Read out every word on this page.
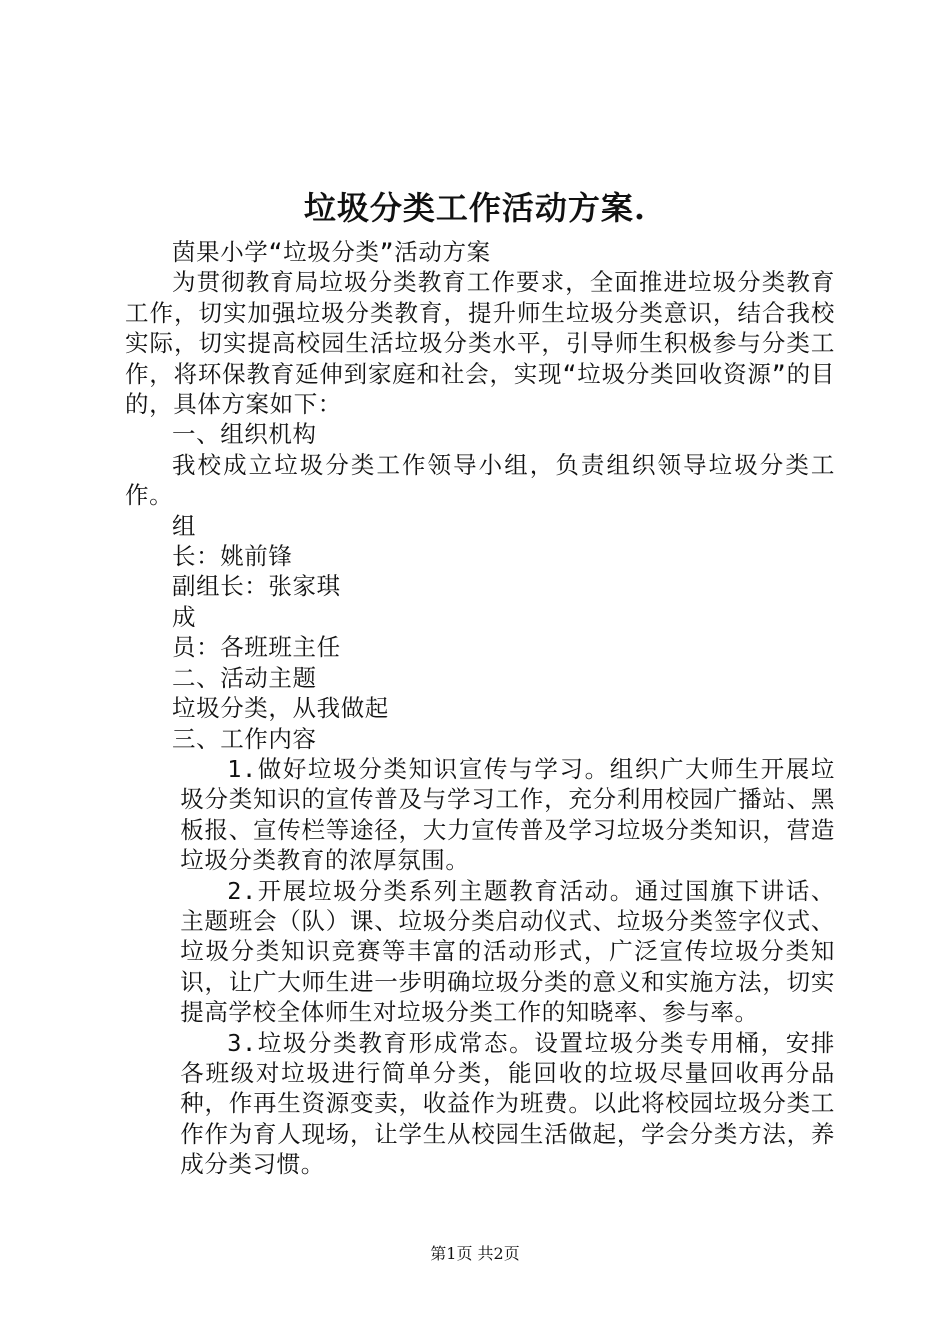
垃圾分类工作活动方案.

茵果小学“垃圾分类”活动方案

为贯彻教育局垃圾分类教育工作要求，全面推进垃圾分类教育工作，切实加强垃圾分类教育，提升师生垃圾分类意识，结合我校实际，切实提高校园生活垃圾分类水平，引导师生积极参与分类工作，将环保教育延伸到家庭和社会，实现“垃圾分类回收资源”的目的，具体方案如下：

一、组织机构

我校成立垃圾分类工作领导小组，负责组织领导垃圾分类工作。

组

长：姚前锋

副组长：张家琪

成

员：各班班主任

二、活动主题

垃圾分类，从我做起

三、工作内容

1.做好垃圾分类知识宣传与学习。组织广大师生开展垃圾分类知识的宣传普及与学习工作，充分利用校园广播站、黑板报、宣传栏等途径，大力宣传普及学习垃圾分类知识，营造垃圾分类教育的浓厚氛围。

2.开展垃圾分类系列主题教育活动。通过国旗下讲话、主题班会（队）课、垃圾分类启动仪式、垃圾分类签字仪式、垃圾分类知识竞赛等丰富的活动形式，广泛宣传垃圾分类知识，让广大师生进一步明确垃圾分类的意义和实施方法，切实提高学校全体师生对垃圾分类工作的知晓率、参与率。

3.垃圾分类教育形成常态。设置垃圾分类专用桶，安排各班级对垃圾进行简单分类，能回收的垃圾尽量回收再分品种，作再生资源变卖，收益作为班费。以此将校园垃圾分类工作作为育人现场，让学生从校园生活做起，学会分类方法，养成分类习惯。

第1页 共2页
